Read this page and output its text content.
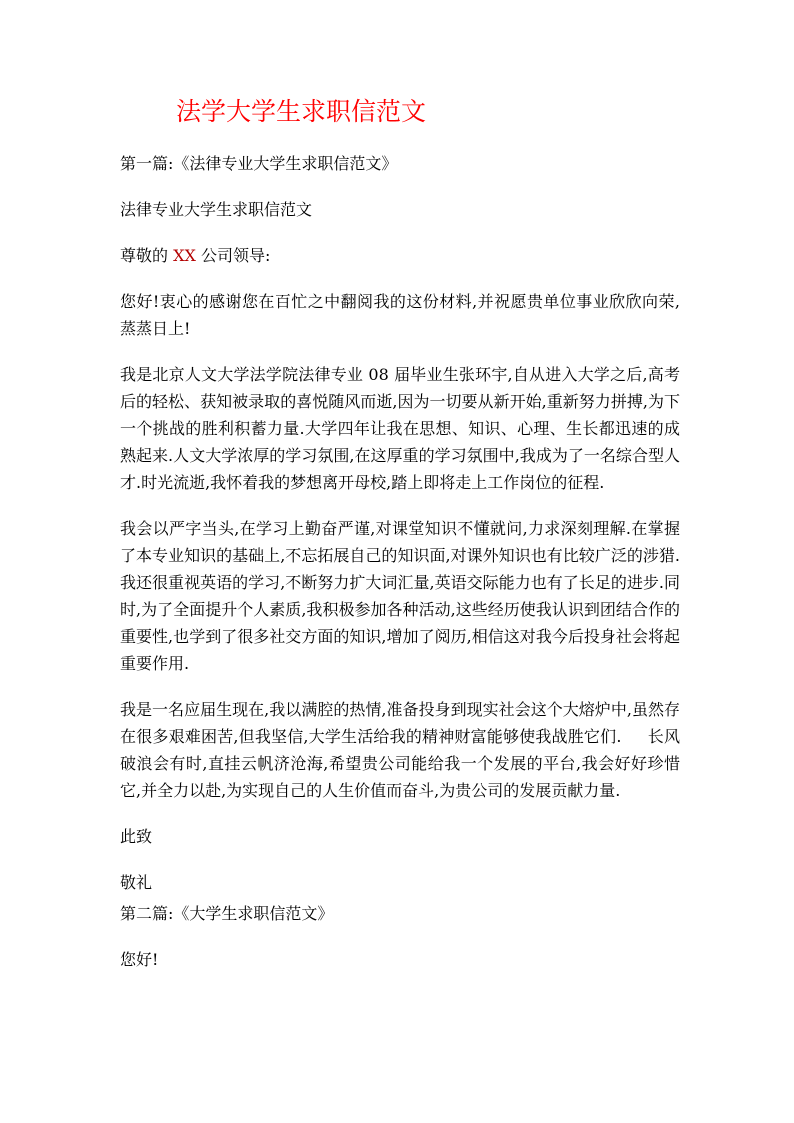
法学大学生求职信范文

第一篇:《法律专业大学生求职信范文》

法律专业大学生求职信范文

尊敬的 XX 公司领导:

您好!衷心的感谢您在百忙之中翻阅我的这份材料,并祝愿贵单位事业欣欣向荣,蒸蒸日上!

我是北京人文大学法学院法律专业 08 届毕业生张环宇,自从进入大学之后,高考后的轻松、获知被录取的喜悦随风而逝,因为一切要从新开始,重新努力拼搏,为下一个挑战的胜利积蓄力量.大学四年让我在思想、知识、心理、生长都迅速的成熟起来.人文大学浓厚的学习氛围,在这厚重的学习氛围中,我成为了一名综合型人才.时光流逝,我怀着我的梦想离开母校,踏上即将走上工作岗位的征程.

我会以严字当头,在学习上勤奋严谨,对课堂知识不懂就问,力求深刻理解.在掌握了本专业知识的基础上,不忘拓展自己的知识面,对课外知识也有比较广泛的涉猎.我还很重视英语的学习,不断努力扩大词汇量,英语交际能力也有了长足的进步.同时,为了全面提升个人素质,我积极参加各种活动,这些经历使我认识到团结合作的重要性,也学到了很多社交方面的知识,增加了阅历,相信这对我今后投身社会将起重要作用.

我是一名应届生现在,我以满腔的热情,准备投身到现实社会这个大熔炉中,虽然存在很多艰难困苦,但我坚信,大学生活给我的精神财富能够使我战胜它们.     长风破浪会有时,直挂云帆济沧海,希望贵公司能给我一个发展的平台,我会好好珍惜它,并全力以赴,为实现自己的人生价值而奋斗,为贵公司的发展贡献力量.

此致

敬礼

第二篇:《大学生求职信范文》

您好!
